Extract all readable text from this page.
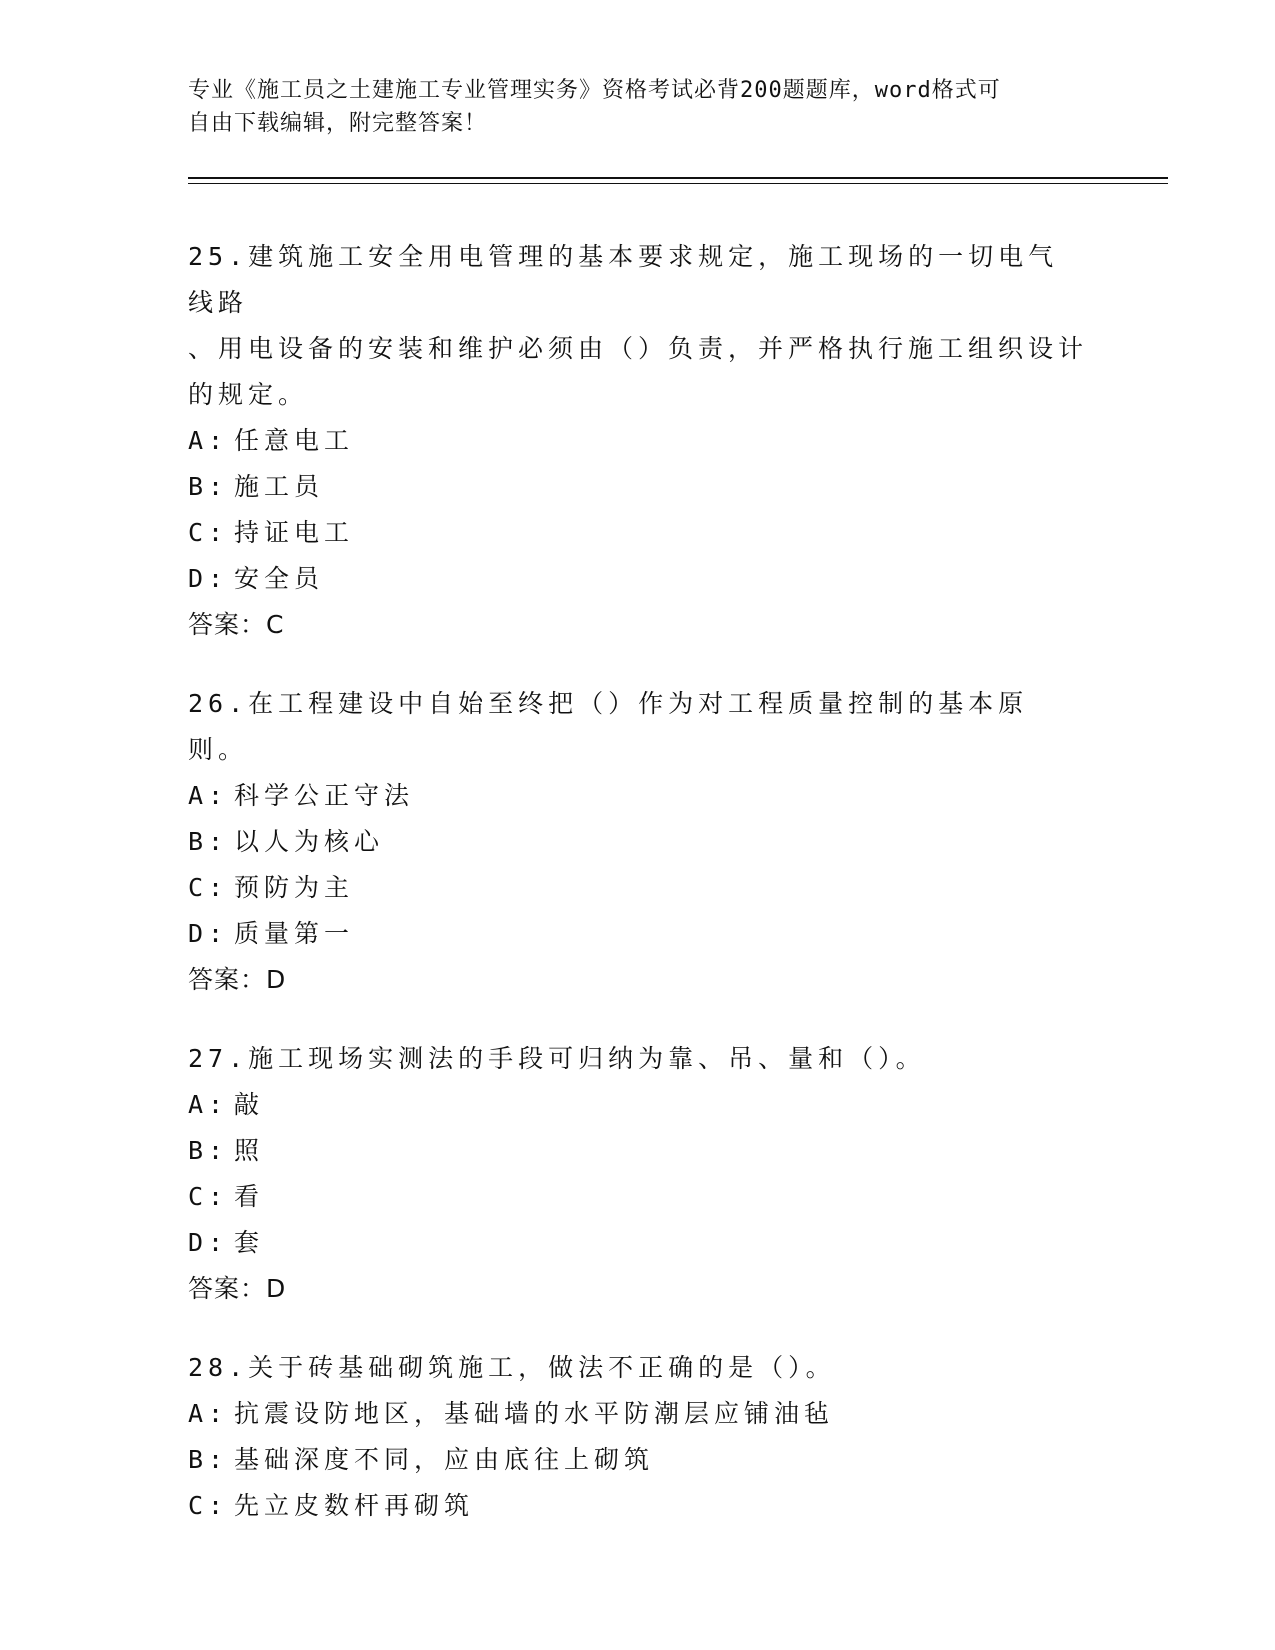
专业《施工员之土建施工专业管理实务》资格考试必背200题题库，word格式可
自由下载编辑，附完整答案！
25.建筑施工安全用电管理的基本要求规定，施工现场的一切电气线路
、用电设备的安装和维护必须由（）负责，并严格执行施工组织设计
的规定。
A: 任意电工
B: 施工员
C: 持证电工
D: 安全员
答案：C
26.在工程建设中自始至终把（）作为对工程质量控制的基本原则。
A: 科学公正守法
B: 以人为核心
C: 预防为主
D: 质量第一
答案：D
27.施工现场实测法的手段可归纳为靠、吊、量和（）。
A: 敲
B: 照
C: 看
D: 套
答案：D
28.关于砖基础砌筑施工，做法不正确的是（）。
A: 抗震设防地区，基础墙的水平防潮层应铺油毡
B: 基础深度不同，应由底往上砌筑
C: 先立皮数杆再砌筑
